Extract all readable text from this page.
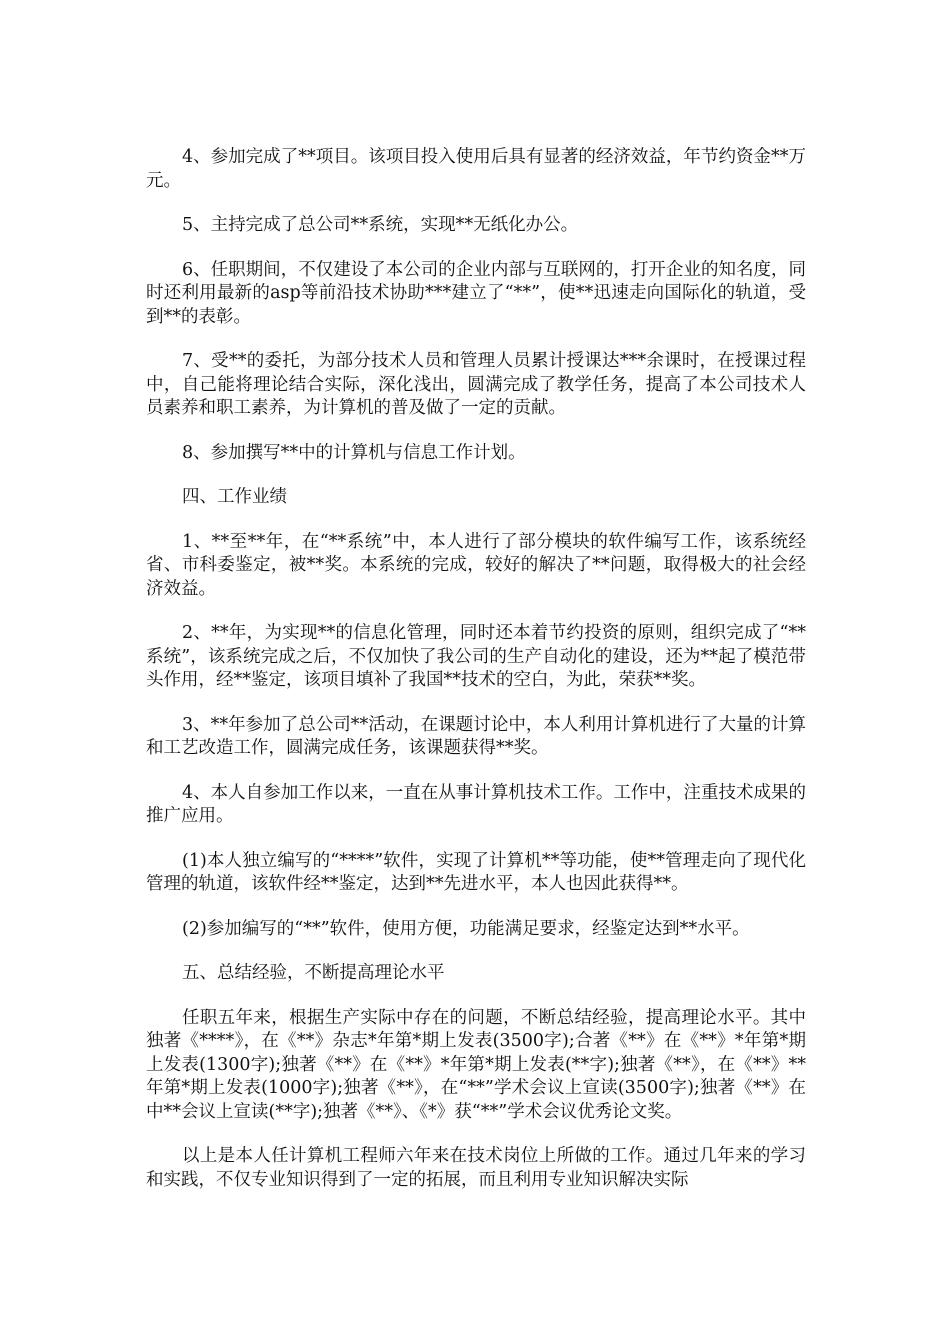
4、参加完成了**项目。该项目投入使用后具有显著的经济效益，年节约资金**万元。

5、主持完成了总公司**系统，实现**无纸化办公。

6、任职期间，不仅建设了本公司的企业内部与互联网的，打开企业的知名度，同时还利用最新的asp等前沿技术协助***建立了“**”，使**迅速走向国际化的轨道，受到**的表彰。

7、受**的委托，为部分技术人员和管理人员累计授课达***余课时，在授课过程中，自己能将理论结合实际，深化浅出，圆满完成了教学任务，提高了本公司技术人员素养和职工素养，为计算机的普及做了一定的贡献。

8、参加撰写**中的计算机与信息工作计划。

四、工作业绩

1、**至**年，在“**系统”中，本人进行了部分模块的软件编写工作，该系统经省、市科委鉴定，被**奖。本系统的完成，较好的解决了**问题，取得极大的社会经济效益。

2、**年，为实现**的信息化管理，同时还本着节约投资的原则，组织完成了“**系统”，该系统完成之后，不仅加快了我公司的生产自动化的建设，还为**起了模范带头作用，经**鉴定，该项目填补了我国**技术的空白，为此，荣获**奖。

3、**年参加了总公司**活动，在课题讨论中，本人利用计算机进行了大量的计算和工艺改造工作，圆满完成任务，该课题获得**奖。

4、本人自参加工作以来，一直在从事计算机技术工作。工作中，注重技术成果的推广应用。

(1)本人独立编写的“****”软件，实现了计算机**等功能，使**管理走向了现代化管理的轨道，该软件经**鉴定，达到**先进水平，本人也因此获得**。

(2)参加编写的“**”软件，使用方便，功能满足要求，经鉴定达到**水平。

五、总结经验，不断提高理论水平

任职五年来，根据生产实际中存在的问题，不断总结经验，提高理论水平。其中独著《****》，在《**》杂志*年第*期上发表(3500字);合著《**》在《**》*年第*期上发表(1300字);独著《**》在《**》*年第*期上发表(**字);独著《**》，在《**》**年第*期上发表(1000字);独著《**》，在“**”学术会议上宣读(3500字);独著《**》在中**会议上宣读(**字);独著《**》、《*》获“**”学术会议优秀论文奖。

以上是本人任计算机工程师六年来在技术岗位上所做的工作。通过几年来的学习和实践，不仅专业知识得到了一定的拓展，而且利用专业知识解决实际
